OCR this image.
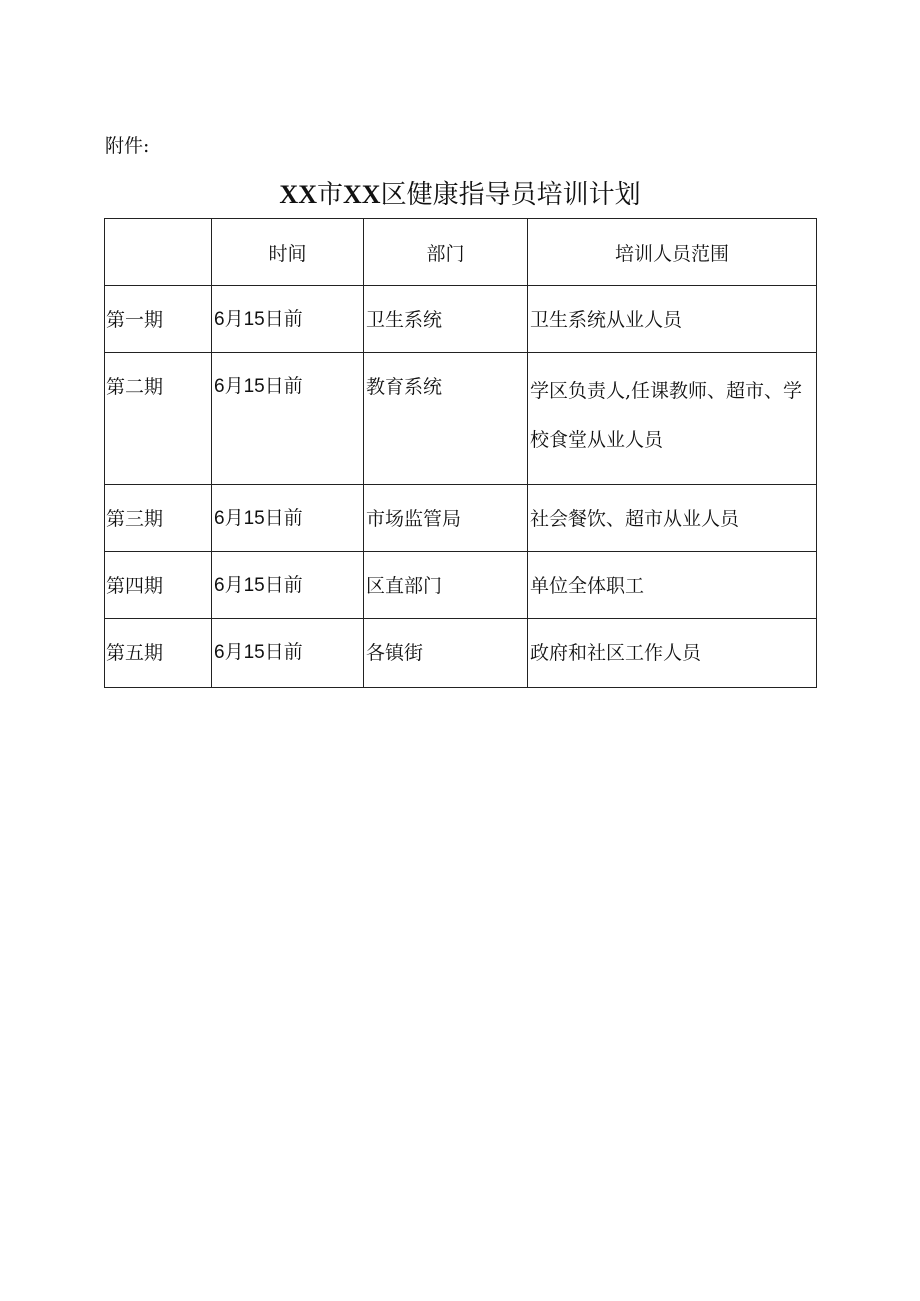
附件:
XX市XX区健康指导员培训计划
	时间	部门	培训人员范围

第一期	6月15日前	卫生系统	卫生系统从业人员

第二期	6月15日前	教育系统	学区负责人,任课教师、超市、学校食堂从业人员

第三期	6月15日前	市场监管局	社会餐饮、超市从业人员

第四期	6月15日前	区直部门	单位全体职工

第五期	6月15日前	各镇街	政府和社区工作人员
